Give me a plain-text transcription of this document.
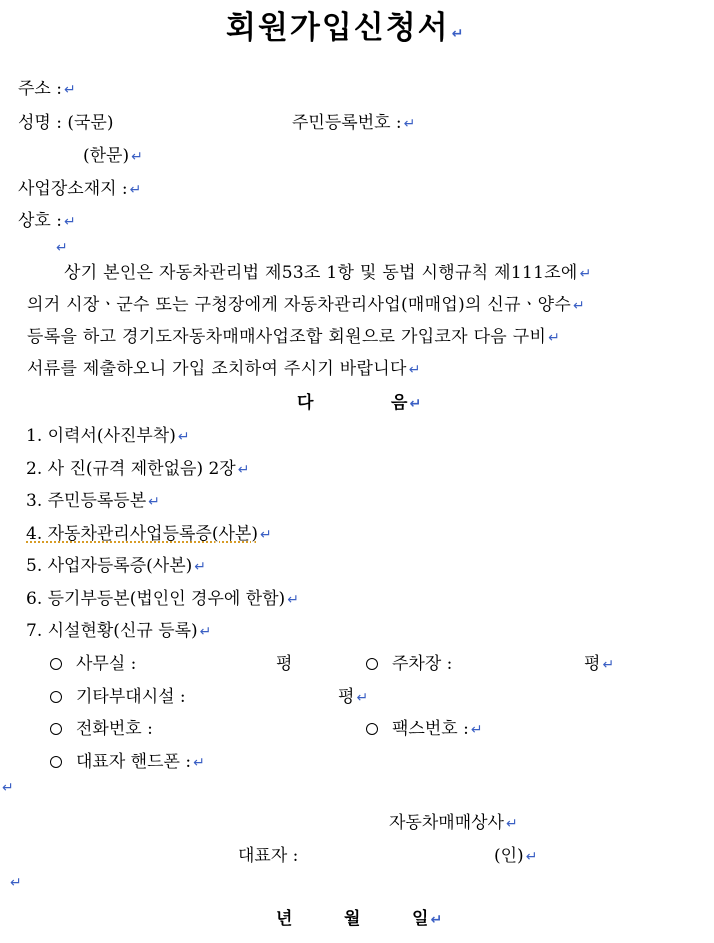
회원가입신청서 ↵
주소 : ↵
성명 : (국문)	주민등록번호 : ↵
(한문) ↵
사업장소재지 : ↵
상호 : ↵
↵
상기 본인은 자동차관리법 제53조 1항 및 동법 시행규칙 제111조에 ↵
의거 시장ㆍ군수 또는 구청장에게 자동차관리사업(매매업)의 신규ㆍ양수 ↵
등록을 하고 경기도자동차매매사업조합 회원으로 가입코자 다음 구비 ↵
서류를 제출하오니 가입 조치하여 주시기 바랍니다 ↵
다	음 ↵
1. 이력서(사진부착) ↵
2. 사 진(규격 제한없음) 2장 ↵
3. 주민등록등본 ↵
4. 자동차관리사업등록증(사본) ↵
5. 사업자등록증(사본) ↵
6. 등기부등본(법인인 경우에 한함) ↵
7. 시설현황(신규 등록) ↵
사무실 :	평	주차장 :	평 ↵
기타부대시설 :	평 ↵
전화번호 :	팩스번호 : ↵
대표자 핸드폰 : ↵
↵
자동차매매상사 ↵
대표자 :	(인) ↵
↵
년	월	일 ↵
